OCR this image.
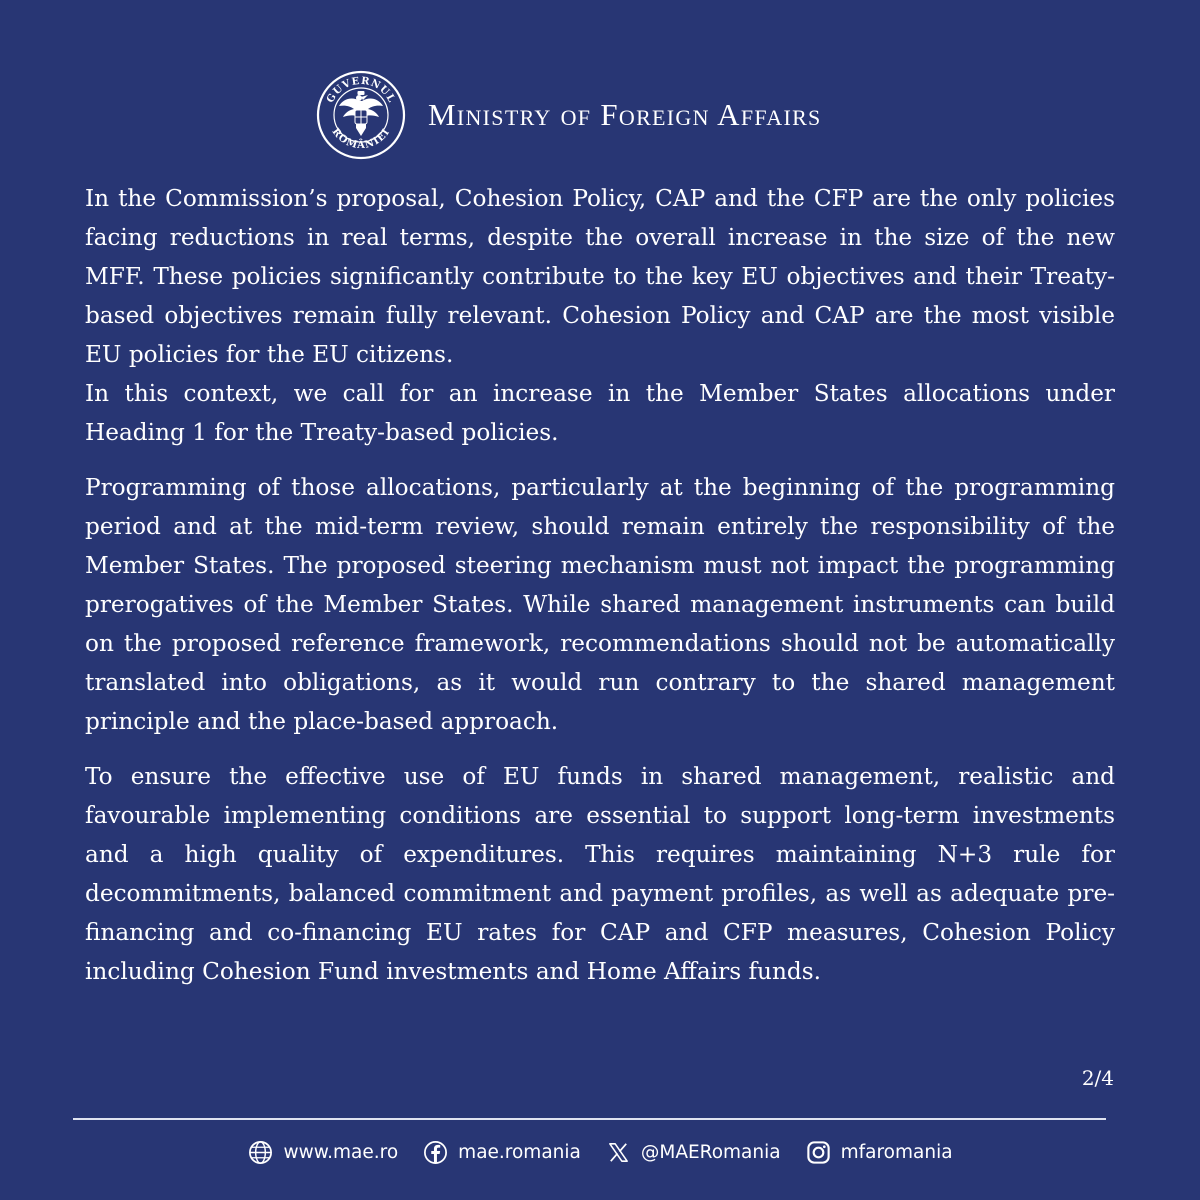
GUVERNUL
ROMÂNIEI
Ministry of Foreign Affairs

In the Commission’s proposal, Cohesion Policy, CAP and the CFP are the only policies facing reductions in real terms, despite the overall increase in the size of the new MFF. These policies significantly contribute to the key EU objectives and their Treaty-based objectives remain fully relevant. Cohesion Policy and CAP are the most visible EU policies for the EU citizens.

In this context, we call for an increase in the Member States allocations under Heading 1 for the Treaty-based policies.

Programming of those allocations, particularly at the beginning of the programming period and at the mid-term review, should remain entirely the responsibility of the Member States. The proposed steering mechanism must not impact the programming prerogatives of the Member States. While shared management instruments can build on the proposed reference framework, recommendations should not be automatically translated into obligations, as it would run contrary to the shared management principle and the place-based approach.

To ensure the effective use of EU funds in shared management, realistic and favourable implementing conditions are essential to support long-term investments and a high quality of expenditures. This requires maintaining N+3 rule for decommitments, balanced commitment and payment profiles, as well as adequate pre-financing and co-financing EU rates for CAP and CFP measures, Cohesion Policy including Cohesion Fund investments and Home Affairs funds.

2/4
www.mae.ro	mae.romania	@MAERomania	mfaromania
